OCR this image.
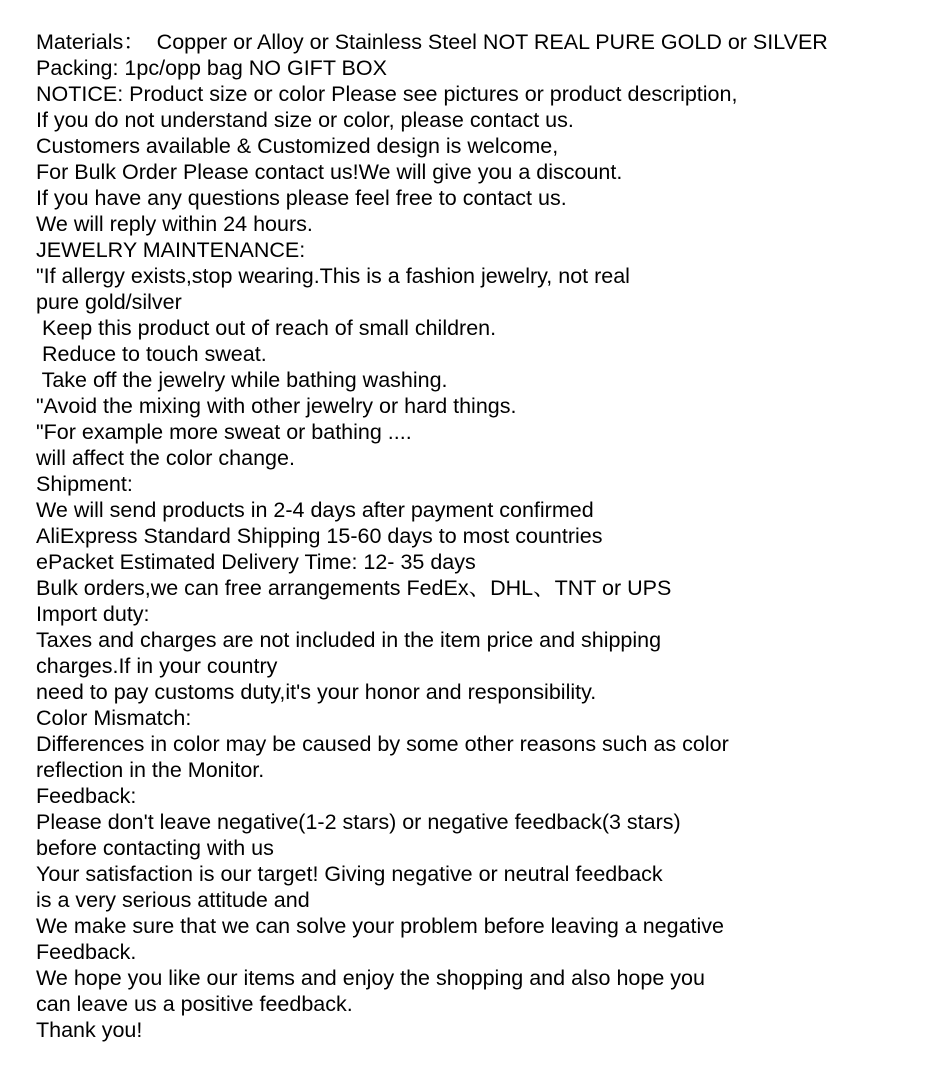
Materials：  Copper or Alloy or Stainless Steel NOT REAL PURE GOLD or SILVER
Packing: 1pc/opp bag NO GIFT BOX
NOTICE: Product size or color Please see pictures or product description,
If you do not understand size or color, please contact us.
Customers available & Customized design is welcome,
For Bulk Order Please contact us!We will give you a discount.
If you have any questions please feel free to contact us.
We will reply within 24 hours.
JEWELRY MAINTENANCE:
"If allergy exists,stop wearing.This is a fashion jewelry, not real
pure gold/silver
Keep this product out of reach of small children.
Reduce to touch sweat.
Take off the jewelry while bathing washing.
"Avoid the mixing with other jewelry or hard things.
"For example more sweat or bathing ....
will affect the color change.
Shipment:
We will send products in 2-4 days after payment confirmed
AliExpress Standard Shipping 15-60 days to most countries
ePacket Estimated Delivery Time: 12- 35 days
Bulk orders,we can free arrangements FedEx、DHL、TNT or UPS
Import duty:
Taxes and charges are not included in the item price and shipping
charges.If in your country
need to pay customs duty,it's your honor and responsibility.
Color Mismatch:
Differences in color may be caused by some other reasons such as color
reflection in the Monitor.
Feedback:
Please don't leave negative(1-2 stars) or negative feedback(3 stars)
before contacting with us
Your satisfaction is our target! Giving negative or neutral feedback
is a very serious attitude and
We make sure that we can solve your problem before leaving a negative
Feedback.
We hope you like our items and enjoy the shopping and also hope you
can leave us a positive feedback.
Thank you!
